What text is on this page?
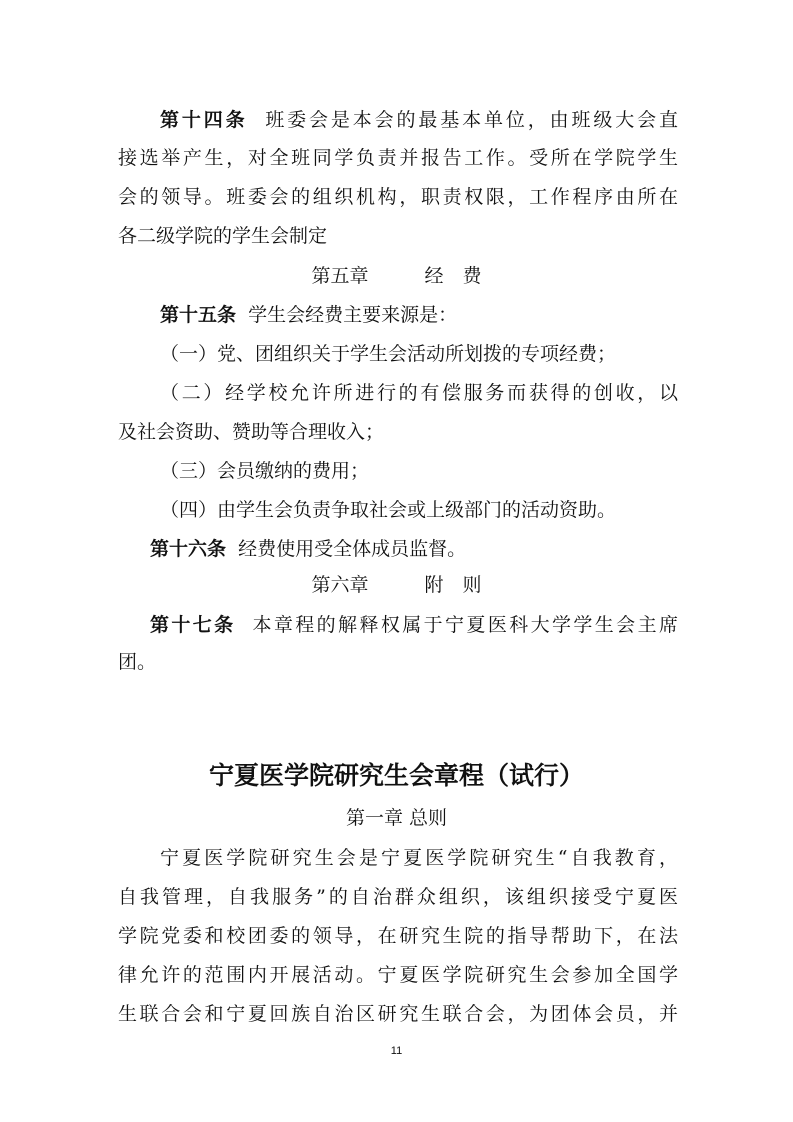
第十四条 班委会是本会的最基本单位，由班级大会直
接选举产生，对全班同学负责并报告工作。受所在学院学生
会的领导。班委会的组织机构，职责权限，工作程序由所在
各二级学院的学生会制定
第五章	经　费
第十五条 学生会经费主要来源是：
（一）党、团组织关于学生会活动所划拨的专项经费；
（二）经学校允许所进行的有偿服务而获得的创收，以
及社会资助、赞助等合理收入；
（三）会员缴纳的费用；
（四）由学生会负责争取社会或上级部门的活动资助。
第十六条 经费使用受全体成员监督。
第六章	附　则
第十七条 本章程的解释权属于宁夏医科大学学生会主席
团。
宁夏医学院研究生会章程（试行）
第一章 总则
宁夏医学院研究生会是宁夏医学院研究生“自我教育，
自我管理，自我服务”的自治群众组织，该组织接受宁夏医
学院党委和校团委的领导，在研究生院的指导帮助下，在法
律允许的范围内开展活动。宁夏医学院研究生会参加全国学
生联合会和宁夏回族自治区研究生联合会，为团体会员，并
11
